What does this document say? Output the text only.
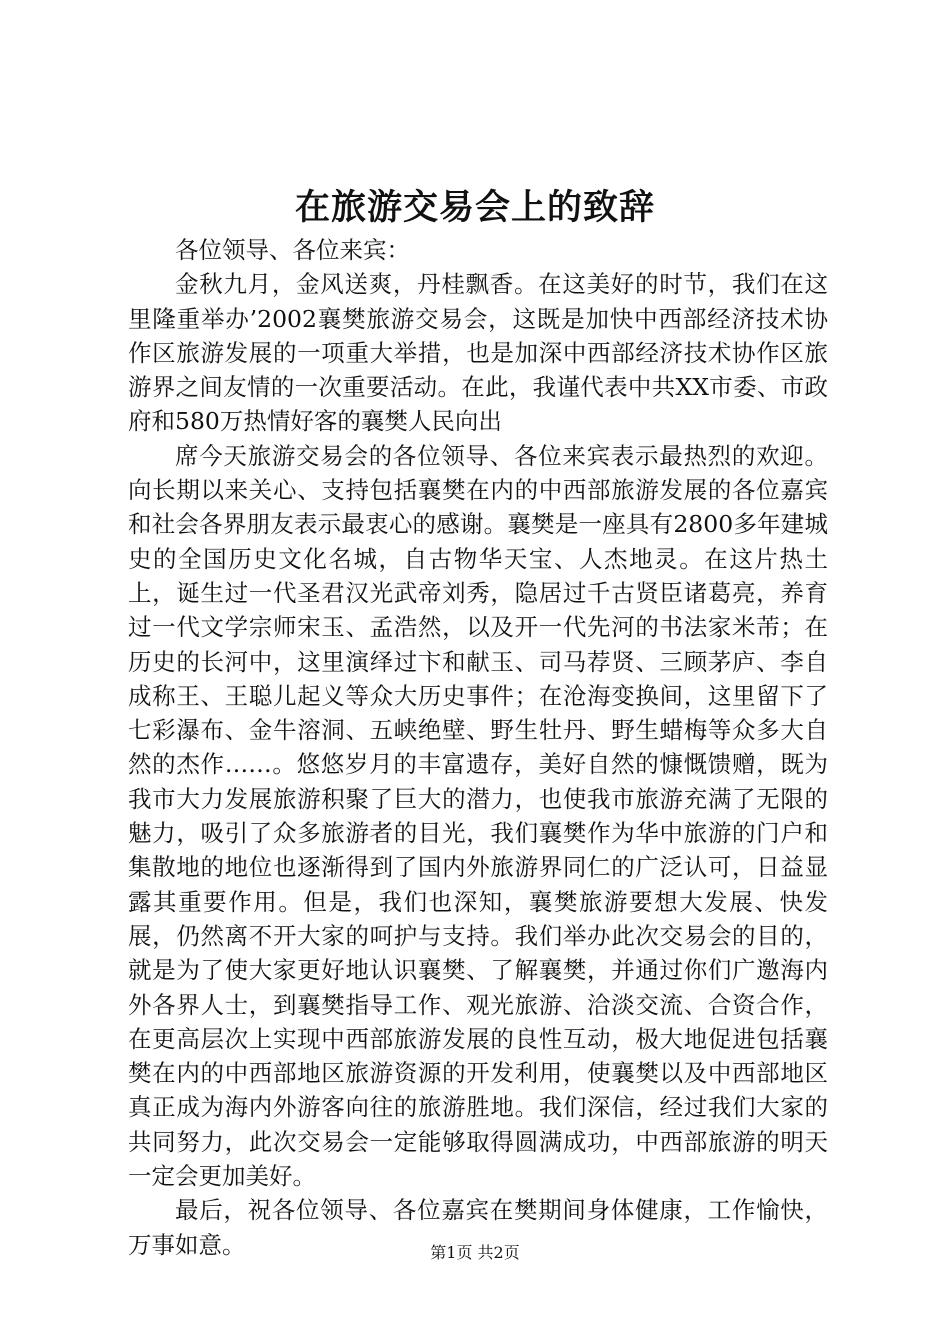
在旅游交易会上的致辞

各位领导、各位来宾：

金秋九月，金风送爽，丹桂飘香。在这美好的时节，我们在这里隆重举办’2002襄樊旅游交易会，这既是加快中西部经济技术协作区旅游发展的一项重大举措，也是加深中西部经济技术协作区旅游界之间友情的一次重要活动。在此，我谨代表中共XX市委、市政府和580万热情好客的襄樊人民向出

席今天旅游交易会的各位领导、各位来宾表示最热烈的欢迎。向长期以来关心、支持包括襄樊在内的中西部旅游发展的各位嘉宾和社会各界朋友表示最衷心的感谢。襄樊是一座具有2800多年建城史的全国历史文化名城，自古物华天宝、人杰地灵。在这片热土上，诞生过一代圣君汉光武帝刘秀，隐居过千古贤臣诸葛亮，养育过一代文学宗师宋玉、孟浩然，以及开一代先河的书法家米芾；在历史的长河中，这里演绎过卞和献玉、司马荐贤、三顾茅庐、李自成称王、王聪儿起义等众大历史事件；在沧海变换间，这里留下了七彩瀑布、金牛溶洞、五峡绝壁、野生牡丹、野生蜡梅等众多大自然的杰作……。悠悠岁月的丰富遗存，美好自然的慷慨馈赠，既为我市大力发展旅游积聚了巨大的潜力，也使我市旅游充满了无限的魅力，吸引了众多旅游者的目光，我们襄樊作为华中旅游的门户和集散地的地位也逐渐得到了国内外旅游界同仁的广泛认可，日益显露其重要作用。但是，我们也深知，襄樊旅游要想大发展、快发展，仍然离不开大家的呵护与支持。我们举办此次交易会的目的，就是为了使大家更好地认识襄樊、了解襄樊，并通过你们广邀海内外各界人士，到襄樊指导工作、观光旅游、洽淡交流、合资合作，在更高层次上实现中西部旅游发展的良性互动，极大地促进包括襄樊在内的中西部地区旅游资源的开发利用，使襄樊以及中西部地区真正成为海内外游客向往的旅游胜地。我们深信，经过我们大家的共同努力，此次交易会一定能够取得圆满成功，中西部旅游的明天一定会更加美好。

最后，祝各位领导、各位嘉宾在樊期间身体健康，工作愉快，万事如意。	第1页 共2页
